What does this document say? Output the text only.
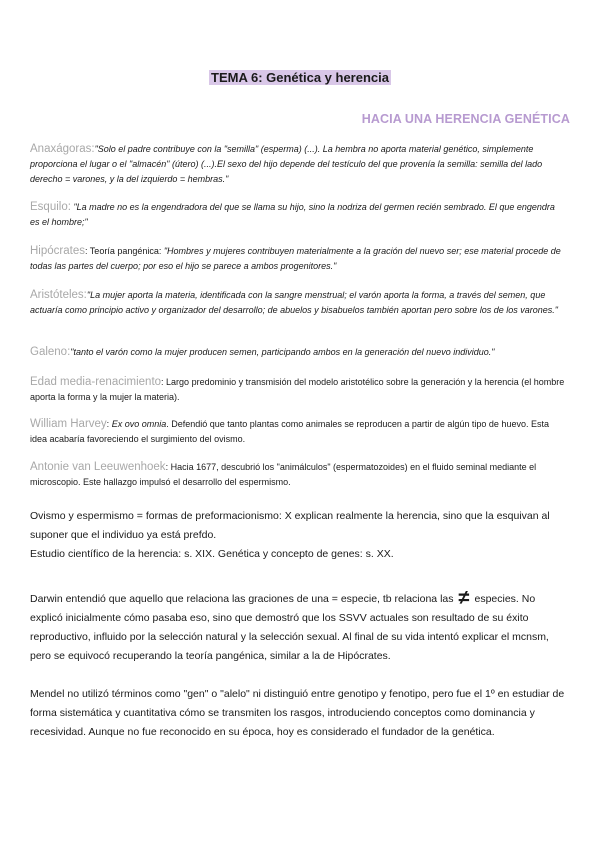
TEMA 6: Genética y herencia
HACIA UNA HERENCIA GENÉTICA
Anaxágoras:"Solo el padre contribuye con la "semilla" (esperma) (...). La hembra no aporta material genético, simplemente proporciona el lugar o el "almacén" (útero) (...).El sexo del hijo depende del testículo del que provenía la semilla: semilla del lado derecho = varones, y la del izquierdo = hembras."
Esquilo: "La madre no es la engendradora del que se llama su hijo, sino la nodriza del germen recién sembrado. El que engendra es el hombre;"
Hipócrates: Teoría pangénica: "Hombres y mujeres contribuyen materialmente a la gración del nuevo ser; ese material procede de todas las partes del cuerpo; por eso el hijo se parece a ambos progenitores."
Aristóteles:"La mujer aporta la materia, identificada con la sangre menstrual; el varón aporta la forma, a través del semen, que actuaría como principio activo y organizador del desarrollo; de abuelos y bisabuelos también aportan pero sobre los de los varones."
Galeno:"tanto el varón como la mujer producen semen, participando ambos en la generación del nuevo individuo."
Edad media-renacimiento: Largo predominio y transmisión del modelo aristotélico sobre la generación y la herencia (el hombre aporta la forma y la mujer la materia).
William Harvey: Ex ovo omnia. Defendió que tanto plantas como animales se reproducen a partir de algún tipo de huevo. Esta idea acabaría favoreciendo el surgimiento del ovismo.
Antonie van Leeuwenhoek: Hacia 1677, descubrió los "animálculos" (espermatozoides) en el fluido seminal mediante el microscopio. Este hallazgo impulsó el desarrollo del espermismo.
Ovismo y espermismo = formas de preformacionismo: X explican realmente la herencia, sino que la esquivan al suponer que el individuo ya está prefdo.
Estudio científico de la herencia: s. XIX. Genética y concepto de genes: s. XX.
Darwin entendió que aquello que relaciona las graciones de una = especie, tb relaciona las ≠ especies. No explicó inicialmente cómo pasaba eso, sino que demostró que los SSVV actuales son resultado de su éxito reproductivo, influido por la selección natural y la selección sexual. Al final de su vida intentó explicar el mcnsm, pero se equivocó recuperando la teoría pangénica, similar a la de Hipócrates.
Mendel no utilizó términos como "gen" o "alelo" ni distinguió entre genotipo y fenotipo, pero fue el 1º en estudiar de forma sistemática y cuantitativa cómo se transmiten los rasgos, introduciendo conceptos como dominancia y recesividad. Aunque no fue reconocido en su época, hoy es considerado el fundador de la genética.
